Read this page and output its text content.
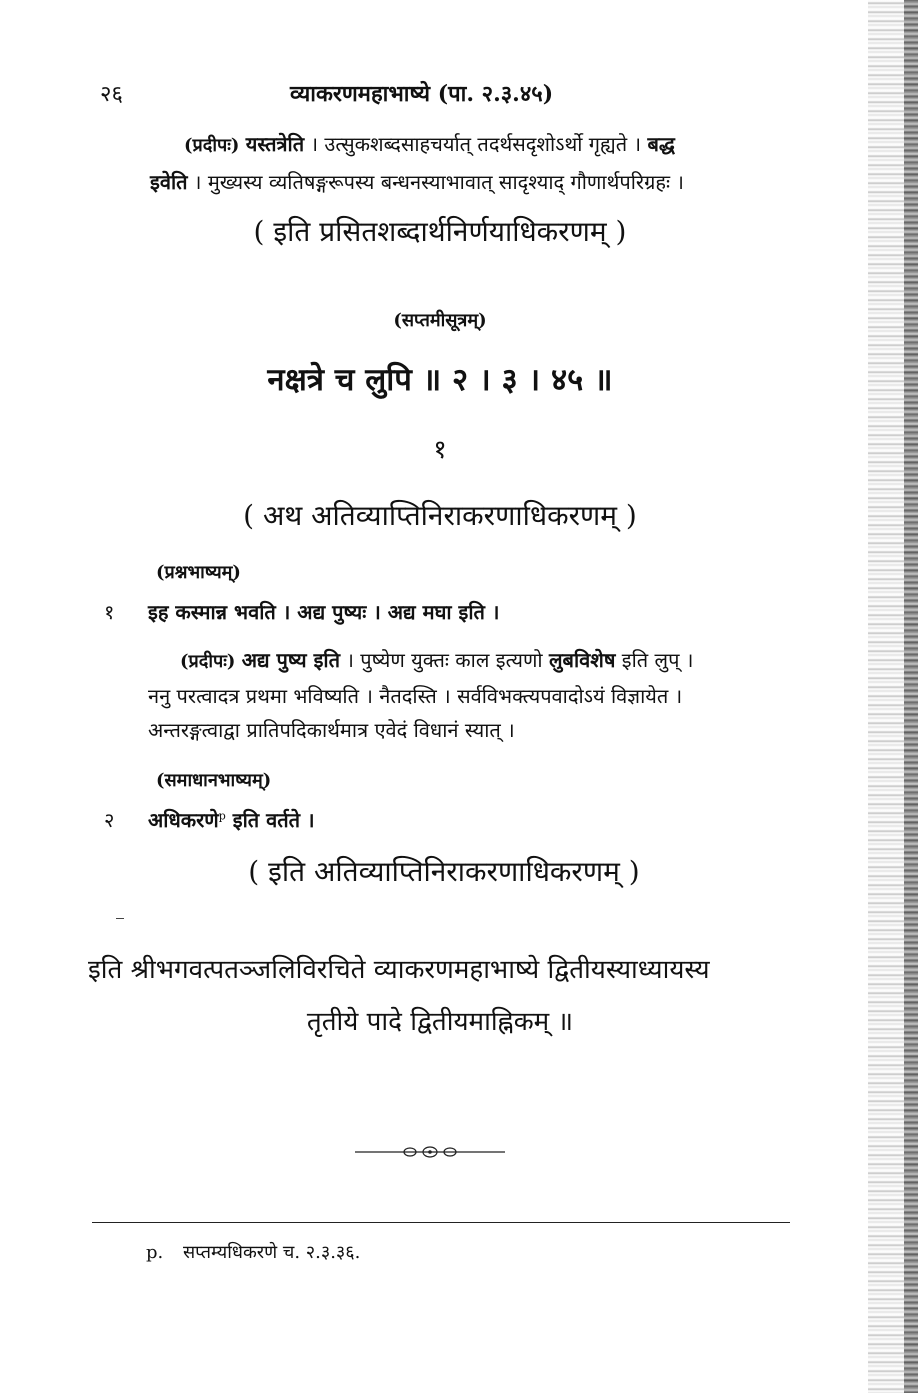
२६	व्याकरणमहाभाष्ये (पा. २.३.४५)
(प्रदीपः) यस्तत्रेति । उत्सुकशब्दसाहचर्यात् तदर्थसदृशोऽर्थो गृह्यते । बद्ध
इवेति । मुख्यस्य व्यतिषङ्गरूपस्य बन्धनस्याभावात् सादृश्याद् गौणार्थपरिग्रहः ।
( इति प्रसितशब्दार्थनिर्णयाधिकरणम् )
(सप्तमीसूत्रम्)
नक्षत्रे च लुपि ॥ २ । ३ । ४५ ॥
१
( अथ अतिव्याप्तिनिराकरणाधिकरणम् )
(प्रश्नभाष्यम्)
१ इह कस्मान्न भवति । अद्य पुष्यः । अद्य मघा इति ।
(प्रदीपः) अद्य पुष्य इति । पुष्येण युक्तः काल इत्यणो लुबविशेष इति लुप् ।
ननु परत्वादत्र प्रथमा भविष्यति । नैतदस्ति । सर्वविभक्त्यपवादोऽयं विज्ञायेत ।
अन्तरङ्गत्वाद्वा प्रातिपदिकार्थमात्र एवेदं विधानं स्यात् ।
(समाधानभाष्यम्)
२ अधिकरणे$^p$ इति वर्तते ।
( इति अतिव्याप्तिनिराकरणाधिकरणम् )
इति श्रीभगवत्पतञ्जलिविरचिते व्याकरणमहाभाष्ये द्वितीयस्याध्यायस्य
तृतीये पादे द्वितीयमाह्निकम् ॥
p. सप्तम्यधिकरणे च. २.३.३६.
